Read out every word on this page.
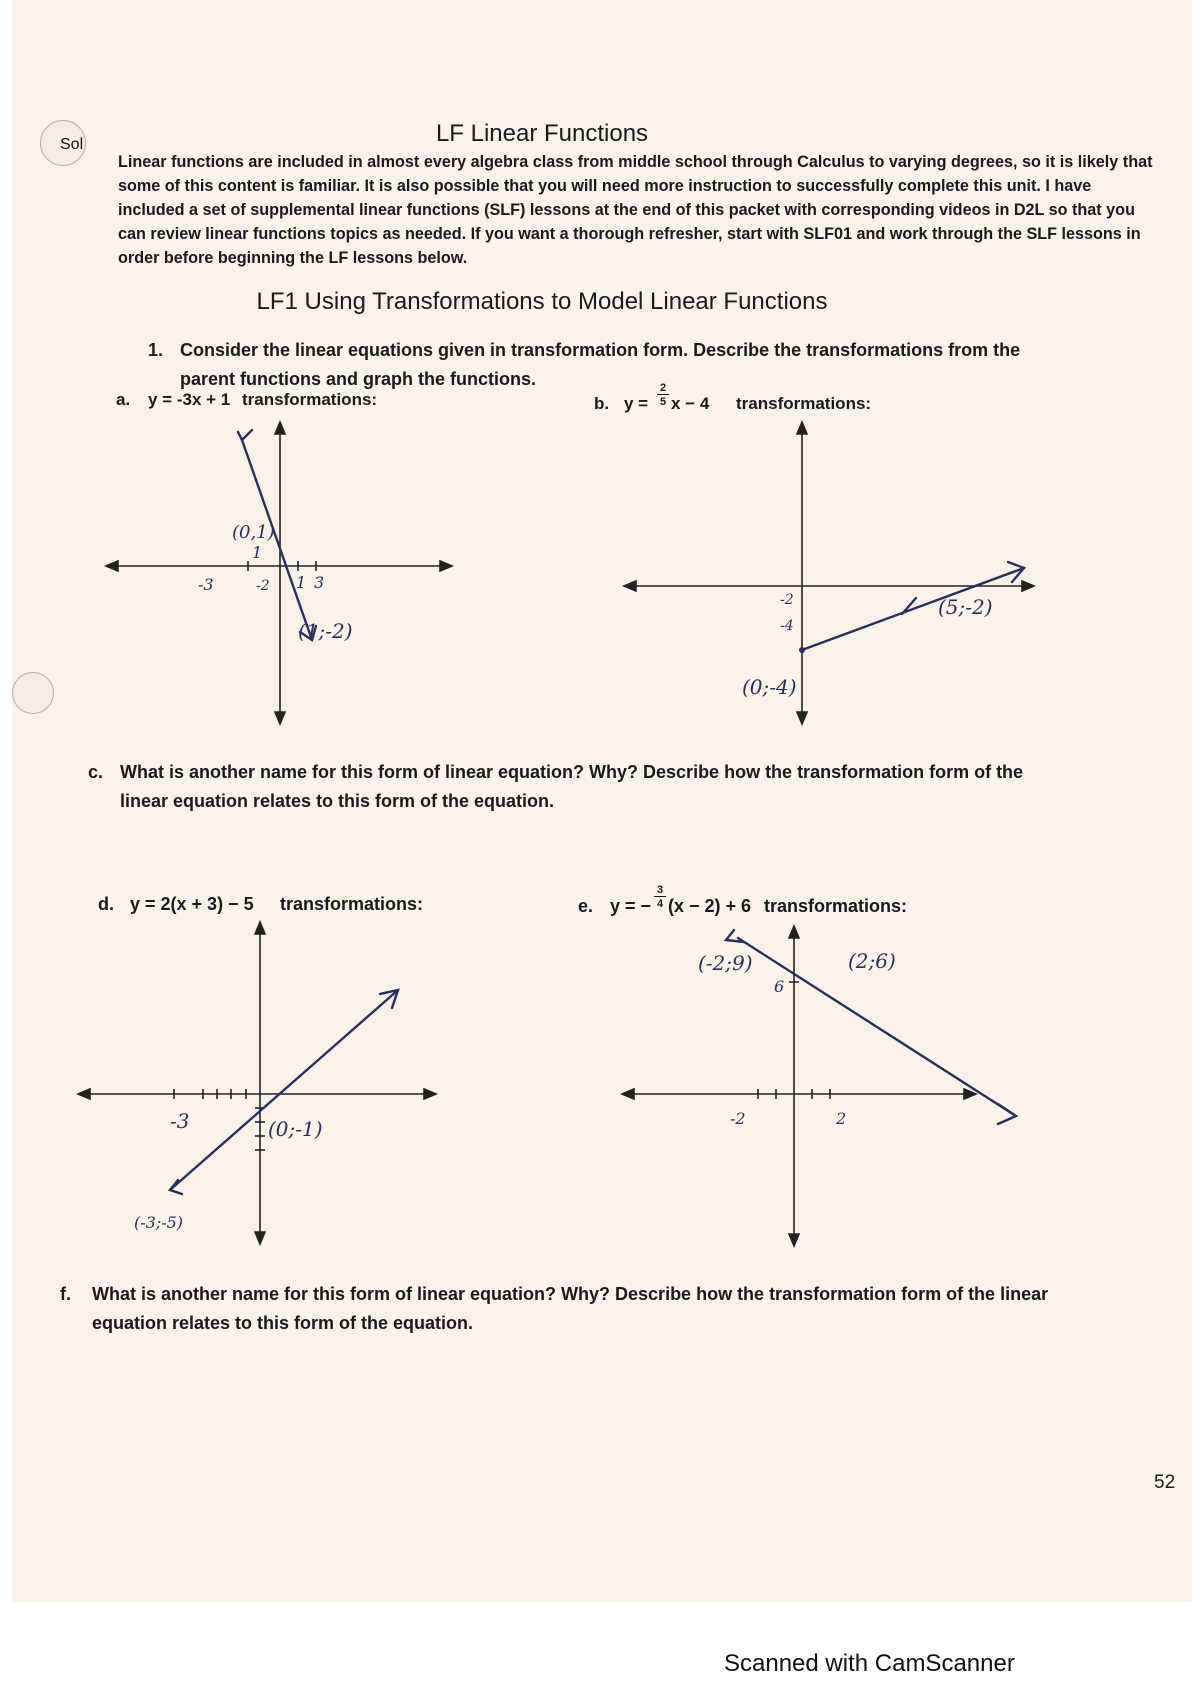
Sol	LF Linear Functions
Linear functions are included in almost every algebra class from middle school through Calculus to varying degrees, so it is likely that some of this content is familiar. It is also possible that you will need more instruction to successfully complete this unit. I have included a set of supplemental linear functions (SLF) lessons at the end of this packet with corresponding videos in D2L so that you can review linear functions topics as needed. If you want a thorough refresher, start with SLF01 and work through the SLF lessons in order before beginning the LF lessons below.
LF1 Using Transformations to Model Linear Functions
1. Consider the linear equations given in transformation form. Describe the transformations from the parent functions and graph the functions.
a. y = -3x + 1 transformations:	b. y =
2
5 x − 4 transformations:
c. What is another name for this form of linear equation? Why? Describe how the transformation form of the linear equation relates to this form of the equation.
d. y = 2(x + 3) − 5 transformations:	e. y = −
3
4 (x − 2) + 6 transformations:
f. What is another name for this form of linear equation? Why? Describe how the transformation form of the linear equation relates to this form of the equation.
52
(0,1)
1
-3	-2 1 3
(1;-2)	-4
-2	(5;-2)
(0;-4)
-3	(0;-1)
(-3;-5)
(-2;9)	(2;6)
6
-2	2
Scanned with CamScanner
